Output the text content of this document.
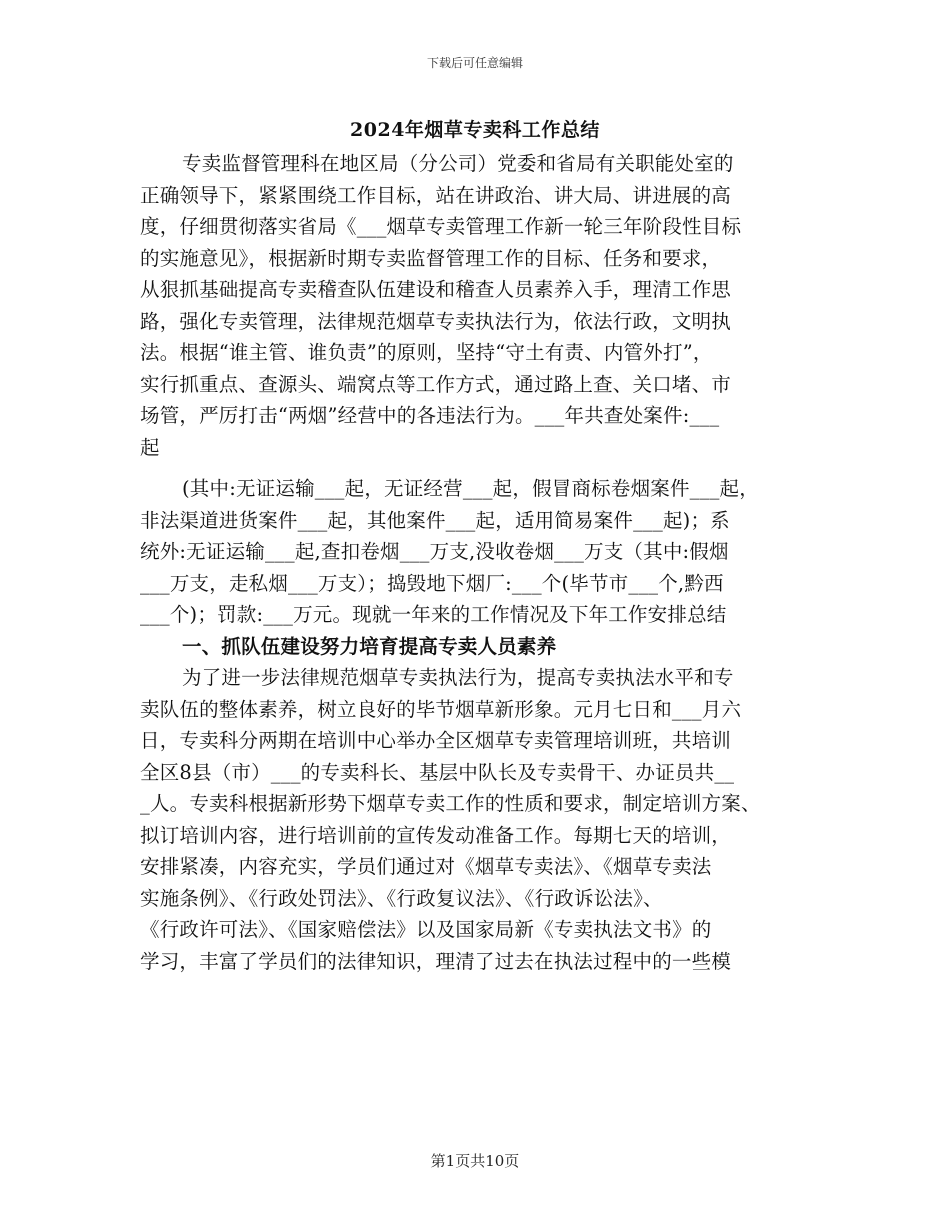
下载后可任意编辑
2024年烟草专卖科工作总结
专卖监督管理科在地区局（分公司）党委和省局有关职能处室的
正确领导下，紧紧围绕工作目标，站在讲政治、讲大局、讲进展的高
度，仔细贯彻落实省局《___烟草专卖管理工作新一轮三年阶段性目标
的实施意见》，根据新时期专卖监督管理工作的目标、任务和要求，
从狠抓基础提高专卖稽查队伍建设和稽查人员素养入手，理清工作思
路，强化专卖管理，法律规范烟草专卖执法行为，依法行政，文明执
法。根据“谁主管、谁负责”的原则，坚持“守土有责、内管外打”，
实行抓重点、查源头、端窝点等工作方式，通过路上查、关口堵、市
场管，严厉打击“两烟”经营中的各违法行为。___年共查处案件:___
起
(其中:无证运输___起，无证经营___起，假冒商标卷烟案件___起，
非法渠道进货案件___起，其他案件___起，适用简易案件___起)；系
统外:无证运输___起,查扣卷烟___万支,没收卷烟___万支（其中:假烟
___万支，走私烟___万支）；捣毁地下烟厂:___个(毕节市___个,黔西
___个)；罚款:___万元。现就一年来的工作情况及下年工作安排总结
一、抓队伍建设努力培育提高专卖人员素养
为了进一步法律规范烟草专卖执法行为，提高专卖执法水平和专
卖队伍的整体素养，树立良好的毕节烟草新形象。元月七日和___月六
日，专卖科分两期在培训中心举办全区烟草专卖管理培训班，共培训
全区8县（市）___的专卖科长、基层中队长及专卖骨干、办证员共__
_人。专卖科根据新形势下烟草专卖工作的性质和要求，制定培训方案、
拟订培训内容，进行培训前的宣传发动准备工作。每期七天的培训，
安排紧凑，内容充实，学员们通过对《烟草专卖法》、《烟草专卖法
实施条例》、《行政处罚法》、《行政复议法》、《行政诉讼法》、
《行政许可法》、《国家赔偿法》以及国家局新《专卖执法文书》的
学习，丰富了学员们的法律知识，理清了过去在执法过程中的一些模
第1页共10页
